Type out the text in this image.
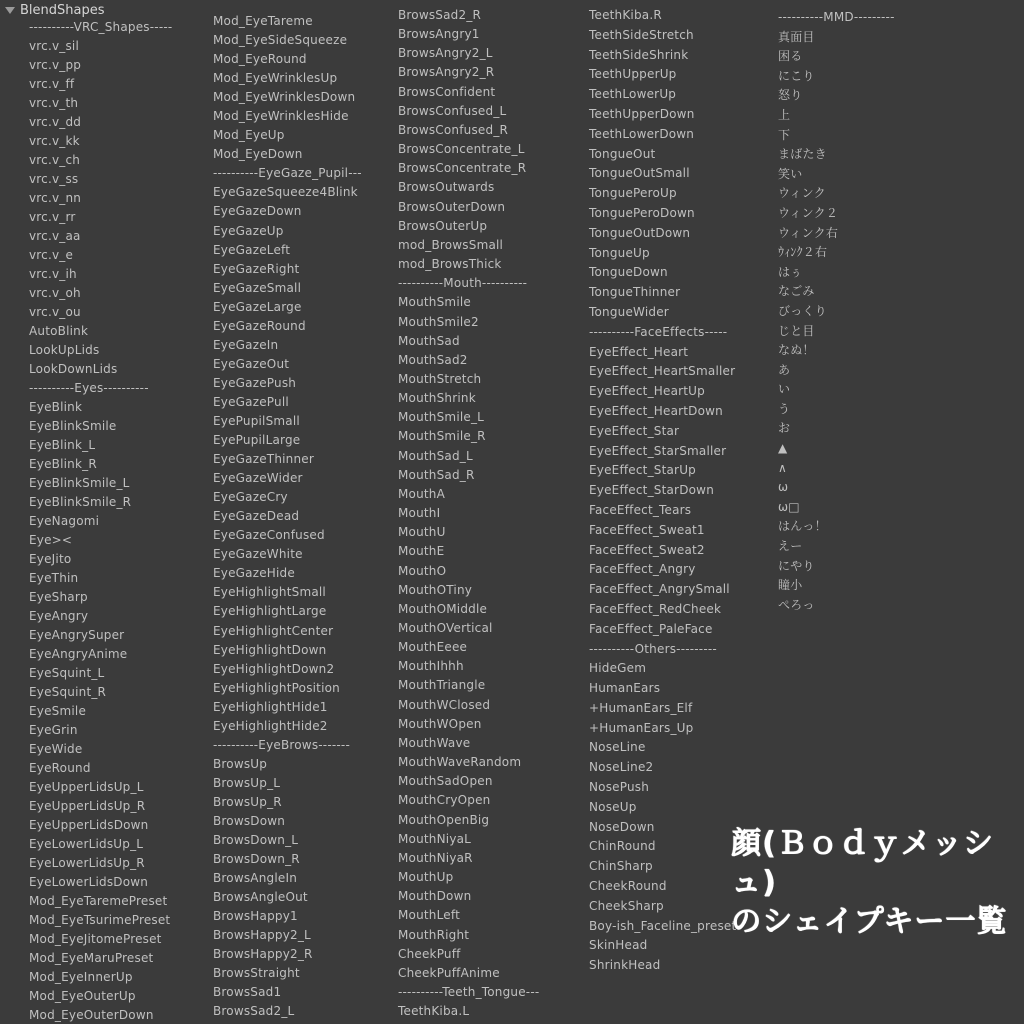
BlendShapes
----------VRC_Shapes-----
vrc.v_sil
vrc.v_pp
vrc.v_ff
vrc.v_th
vrc.v_dd
vrc.v_kk
vrc.v_ch
vrc.v_ss
vrc.v_nn
vrc.v_rr
vrc.v_aa
vrc.v_e
vrc.v_ih
vrc.v_oh
vrc.v_ou
AutoBlink
LookUpLids
LookDownLids
----------Eyes----------
EyeBlink
EyeBlinkSmile
EyeBlink_L
EyeBlink_R
EyeBlinkSmile_L
EyeBlinkSmile_R
EyeNagomi
Eye><
EyeJito
EyeThin
EyeSharp
EyeAngry
EyeAngrySuper
EyeAngryAnime
EyeSquint_L
EyeSquint_R
EyeSmile
EyeGrin
EyeWide
EyeRound
EyeUpperLidsUp_L
EyeUpperLidsUp_R
EyeUpperLidsDown
EyeLowerLidsUp_L
EyeLowerLidsUp_R
EyeLowerLidsDown
Mod_EyeTaremePreset
Mod_EyeTsurimePreset
Mod_EyeJitomePreset
Mod_EyeMaruPreset
Mod_EyeInnerUp
Mod_EyeOuterUp
Mod_EyeOuterDown
Mod_EyeTareme
Mod_EyeSideSqueeze
Mod_EyeRound
Mod_EyeWrinklesUp
Mod_EyeWrinklesDown
Mod_EyeWrinklesHide
Mod_EyeUp
Mod_EyeDown
----------EyeGaze_Pupil---
EyeGazeSqueeze4Blink
EyeGazeDown
EyeGazeUp
EyeGazeLeft
EyeGazeRight
EyeGazeSmall
EyeGazeLarge
EyeGazeRound
EyeGazeIn
EyeGazeOut
EyeGazePush
EyeGazePull
EyePupilSmall
EyePupilLarge
EyeGazeThinner
EyeGazeWider
EyeGazeCry
EyeGazeDead
EyeGazeConfused
EyeGazeWhite
EyeGazeHide
EyeHighlightSmall
EyeHighlightLarge
EyeHighlightCenter
EyeHighlightDown
EyeHighlightDown2
EyeHighlightPosition
EyeHighlightHide1
EyeHighlightHide2
----------EyeBrows-------
BrowsUp
BrowsUp_L
BrowsUp_R
BrowsDown
BrowsDown_L
BrowsDown_R
BrowsAngleIn
BrowsAngleOut
BrowsHappy1
BrowsHappy2_L
BrowsHappy2_R
BrowsStraight
BrowsSad1
BrowsSad2_L
BrowsSad2_R
BrowsAngry1
BrowsAngry2_L
BrowsAngry2_R
BrowsConfident
BrowsConfused_L
BrowsConfused_R
BrowsConcentrate_L
BrowsConcentrate_R
BrowsOutwards
BrowsOuterDown
BrowsOuterUp
mod_BrowsSmall
mod_BrowsThick
----------Mouth----------
MouthSmile
MouthSmile2
MouthSad
MouthSad2
MouthStretch
MouthShrink
MouthSmile_L
MouthSmile_R
MouthSad_L
MouthSad_R
MouthA
MouthI
MouthU
MouthE
MouthO
MouthOTiny
MouthOMiddle
MouthOVertical
MouthEeee
MouthIhhh
MouthTriangle
MouthWClosed
MouthWOpen
MouthWave
MouthWaveRandom
MouthSadOpen
MouthCryOpen
MouthOpenBig
MouthNiyaL
MouthNiyaR
MouthUp
MouthDown
MouthLeft
MouthRight
CheekPuff
CheekPuffAnime
----------Teeth_Tongue---
TeethKiba.L
TeethKiba.R
TeethSideStretch
TeethSideShrink
TeethUpperUp
TeethLowerUp
TeethUpperDown
TeethLowerDown
TongueOut
TongueOutSmall
TonguePeroUp
TonguePeroDown
TongueOutDown
TongueUp
TongueDown
TongueThinner
TongueWider
----------FaceEffects-----
EyeEffect_Heart
EyeEffect_HeartSmaller
EyeEffect_HeartUp
EyeEffect_HeartDown
EyeEffect_Star
EyeEffect_StarSmaller
EyeEffect_StarUp
EyeEffect_StarDown
FaceEffect_Tears
FaceEffect_Sweat1
FaceEffect_Sweat2
FaceEffect_Angry
FaceEffect_AngrySmall
FaceEffect_RedCheek
FaceEffect_PaleFace
----------Others---------
HideGem
HumanEars
+HumanEars_Elf
+HumanEars_Up
NoseLine
NoseLine2
NosePush
NoseUp
NoseDown
ChinRound
ChinSharp
CheekRound
CheekSharp
Boy-ish_Faceline_preset
SkinHead
ShrinkHead
----------MMD---------
真面目
困る
にこり
怒り
上
下
まばたき
笑い
ウィンク
ウィンク２
ウィンク右
ｳｨﾝｸ２右
はぅ
なごみ
びっくり
じと目
なぬ！
あ
い
う
お
▲
∧
ω
ω□
はんっ！
えー
にやり
瞳小
ぺろっ
顔(Ｂｏｄｙメッシュ)
のシェイプキー一覧
